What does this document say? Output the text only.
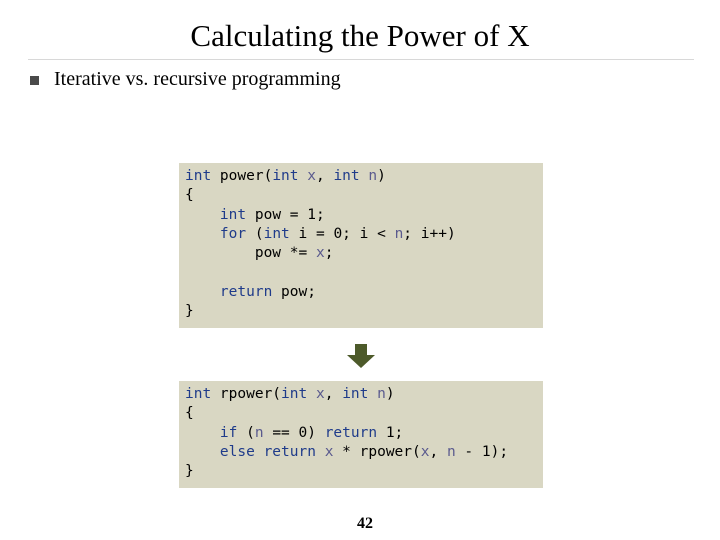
Calculating the Power of X
Iterative vs. recursive programming
int power(int x, int n)
{
int pow = 1;
for (int i = 0; i < n; i++)
pow *= x;

return pow;
}
int rpower(int x, int n)
{
if (n == 0) return 1;
else return x * rpower(x, n - 1);
}
42
